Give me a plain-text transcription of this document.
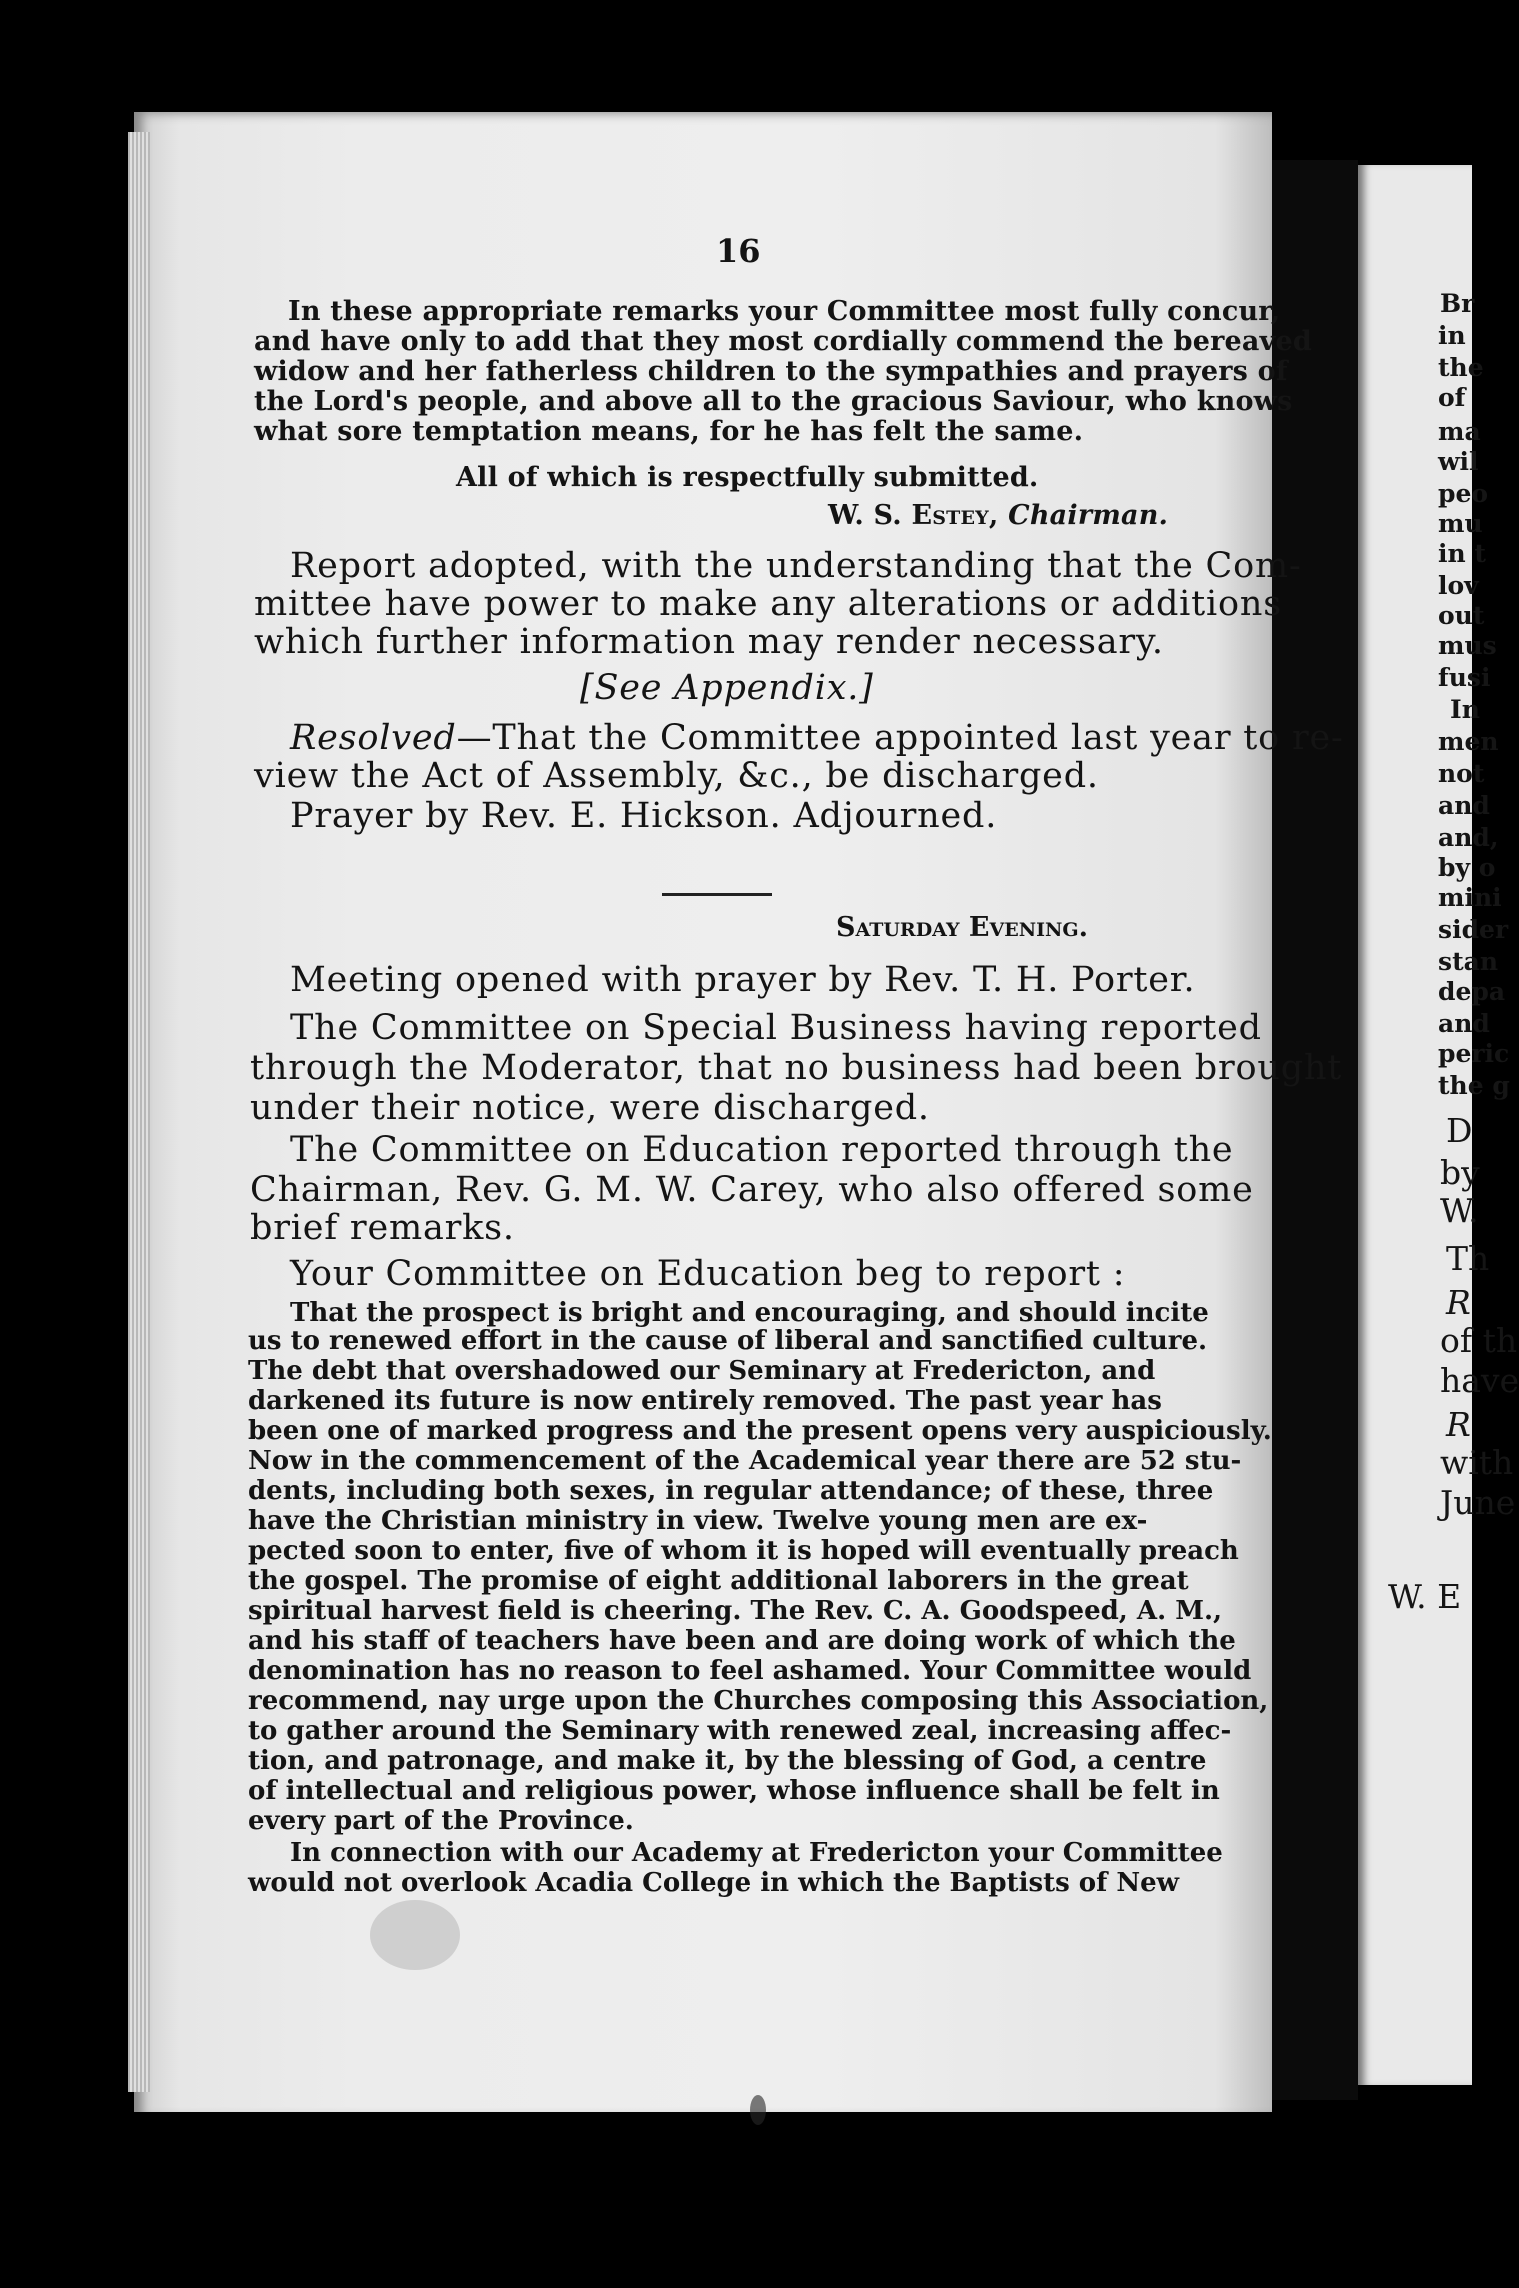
16
In these appropriate remarks your Committee most fully concur,
and have only to add that they most cordially commend the bereaved
widow and her fatherless children to the sympathies and prayers of
the Lord's people, and above all to the gracious Saviour, who knows
what sore temptation means, for he has felt the same.
All of which is respectfully submitted.
W. S. Estey, Chairman.
Report adopted, with the understanding that the Com-
mittee have power to make any alterations or additions
which further information may render necessary.
[See Appendix.]
Resolved—That the Committee appointed last year to re-
view the Act of Assembly, &c., be discharged.
Prayer by Rev. E. Hickson. Adjourned.
Saturday Evening.
Meeting opened with prayer by Rev. T. H. Porter.
The Committee on Special Business having reported
through the Moderator, that no business had been brought
under their notice, were discharged.
The Committee on Education reported through the
Chairman, Rev. G. M. W. Carey, who also offered some
brief remarks.
Your Committee on Education beg to report :
That the prospect is bright and encouraging, and should incite
us to renewed effort in the cause of liberal and sanctified culture.
The debt that overshadowed our Seminary at Fredericton, and
darkened its future is now entirely removed. The past year has
been one of marked progress and the present opens very auspiciously.
Now in the commencement of the Academical year there are 52 stu-
dents, including both sexes, in regular attendance; of these, three
have the Christian ministry in view. Twelve young men are ex-
pected soon to enter, five of whom it is hoped will eventually preach
the gospel. The promise of eight additional laborers in the great
spiritual harvest field is cheering. The Rev. C. A. Goodspeed, A. M.,
and his staff of teachers have been and are doing work of which the
denomination has no reason to feel ashamed. Your Committee would
recommend, nay urge upon the Churches composing this Association,
to gather around the Seminary with renewed zeal, increasing affec-
tion, and patronage, and make it, by the blessing of God, a centre
of intellectual and religious power, whose influence shall be felt in
every part of the Province.
In connection with our Academy at Fredericton your Committee
would not overlook Acadia College in which the Baptists of New
Br
in
the
of
ma
wil
peo
mu
in t
lov
out
mus
fusi
In
men
not
and
and,
by o
mini
sider
stan
depa
and
peric
the g
D
by
W.
Th
R
of th
have
R
with
June
W. E
